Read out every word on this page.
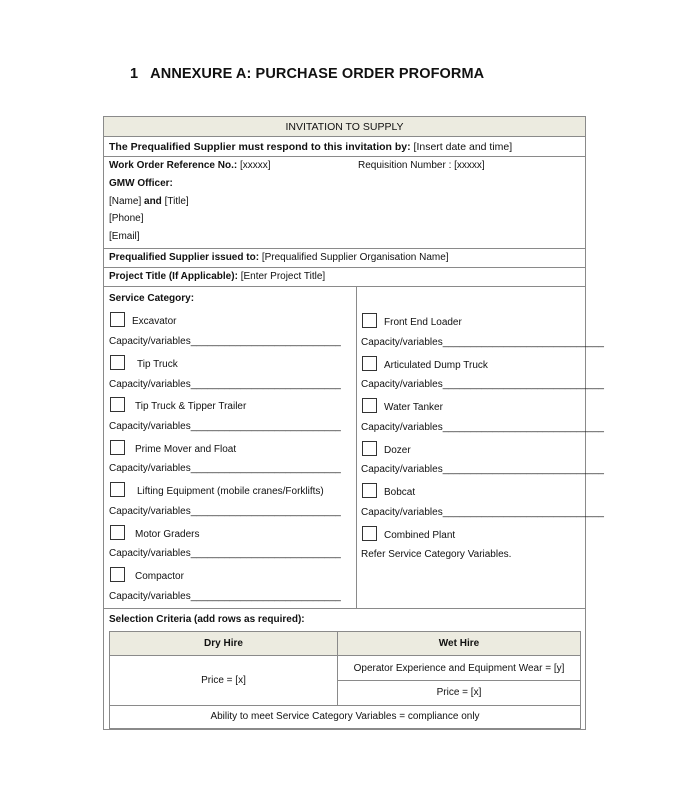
1 ANNEXURE A: PURCHASE ORDER PROFORMA
INVITATION TO SUPPLY
The Prequalified Supplier must respond to this invitation by: [Insert date and time]
Work Order Reference No.: [xxxxx]	Requisition Number : [xxxxx]
GMW Officer:
[Name] and [Title]
[Phone]
[Email]
Prequalified Supplier issued to: [Prequalified Supplier Organisation Name]
Project Title (If Applicable): [Enter Project Title]
Service Category:
Excavator
Capacity/variables___________________________
Tip Truck
Capacity/variables___________________________
Tip Truck & Tipper Trailer
Capacity/variables___________________________
Prime Mover and Float
Capacity/variables___________________________
Lifting Equipment (mobile cranes/Forklifts)
Capacity/variables___________________________
Motor Graders
Capacity/variables___________________________
Compactor
Capacity/variables___________________________
Front End Loader
Capacity/variables_____________________________
Articulated Dump Truck
Capacity/variables_____________________________
Water Tanker
Capacity/variables_____________________________
Dozer
Capacity/variables_____________________________
Bobcat
Capacity/variables_____________________________
Combined Plant
Refer Service Category Variables.
Selection Criteria (add rows as required):
Dry Hire	Wet Hire
Price = [x]
Operator Experience and Equipment Wear = [y]
Price = [x]
Ability to meet Service Category Variables = compliance only
